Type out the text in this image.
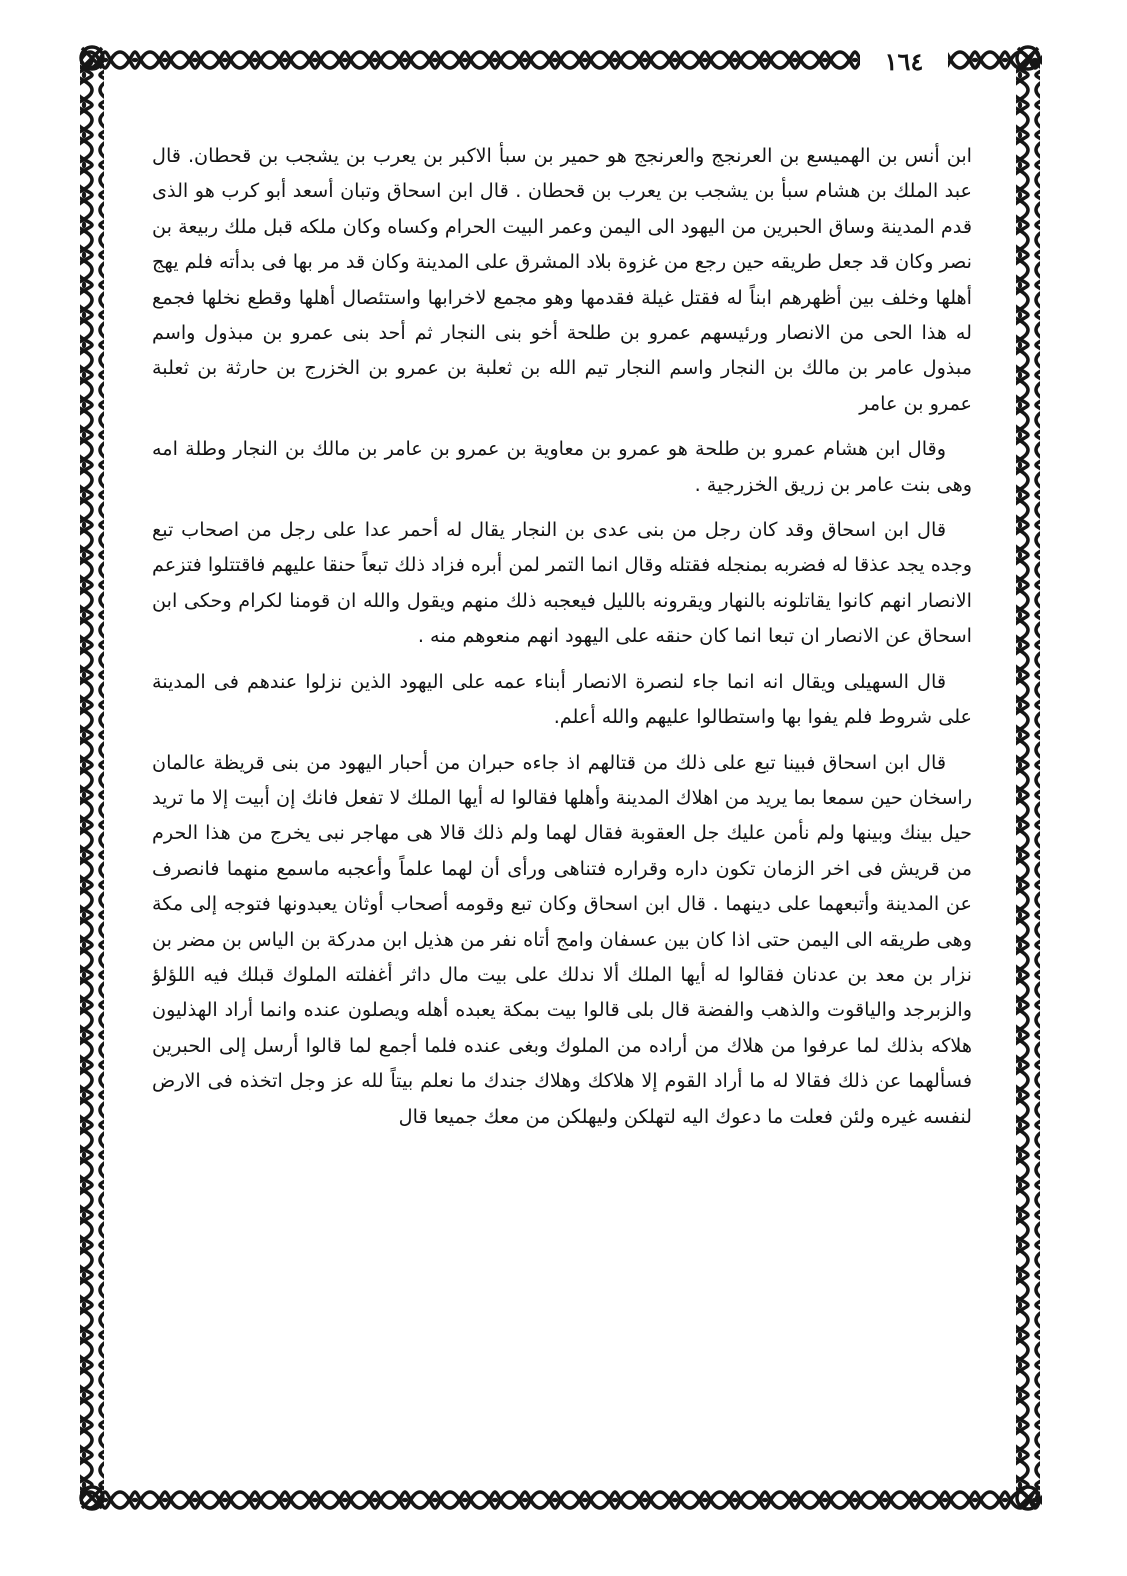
١٦٤

ابن أنس بن الهميسع بن العرنجج والعرنجج هو حمير بن سبأ الاكبر بن يعرب بن يشجب بن قحطان. قال عبد الملك بن هشام سبأ بن يشجب بن يعرب بن قحطان . قال ابن اسحاق وتبان أسعد أبو كرب هو الذى قدم المدينة وساق الحبرين من اليهود الى اليمن وعمر البيت الحرام وكساه وكان ملكه قبل ملك ربيعة بن نصر وكان قد جعل طريقه حين رجع من غزوة بلاد المشرق على المدينة وكان قد مر بها فى بدأته فلم يهج أهلها وخلف بين أظهرهم ابناً له فقتل غيلة فقدمها وهو مجمع لاخرابها واستئصال أهلها وقطع نخلها فجمع له هذا الحى من الانصار ورئيسهم عمرو بن طلحة أخو بنى النجار ثم أحد بنى عمرو بن مبذول واسم مبذول عامر بن مالك بن النجار واسم النجار تيم الله بن ثعلبة بن عمرو بن الخزرج بن حارثة بن ثعلبة عمرو بن عامر

وقال ابن هشام عمرو بن طلحة هو عمرو بن معاوية بن عمرو بن عامر بن مالك بن النجار وطلة امه وهى بنت عامر بن زريق الخزرجية .

قال ابن اسحاق وقد كان رجل من بنى عدى بن النجار يقال له أحمر عدا على رجل من اصحاب تبع وجده يجد عذقا له فضربه بمنجله فقتله وقال انما التمر لمن أبره فزاد ذلك تبعاً حنقا عليهم فاقتتلوا فتزعم الانصار انهم كانوا يقاتلونه بالنهار ويقرونه بالليل فيعجبه ذلك منهم ويقول والله ان قومنا لكرام وحكى ابن اسحاق عن الانصار ان تبعا انما كان حنقه على اليهود انهم منعوهم منه .

قال السهيلى ويقال انه انما جاء لنصرة الانصار أبناء عمه على اليهود الذين نزلوا عندهم فى المدينة على شروط فلم يفوا بها واستطالوا عليهم والله أعلم.

قال ابن اسحاق فبينا تبع على ذلك من قتالهم اذ جاءه حبران من أحبار اليهود من بنى قريظة عالمان راسخان حين سمعا بما يريد من اهلاك المدينة وأهلها فقالوا له أيها الملك لا تفعل فانك إن أبيت إلا ما تريد حيل بينك وبينها ولم نأمن عليك جل العقوبة فقال لهما ولم ذلك قالا هى مهاجر نبى يخرج من هذا الحرم من قريش فى اخر الزمان تكون داره وقراره فتناهى ورأى أن لهما علماً وأعجبه ماسمع منهما فانصرف عن المدينة وأتبعهما على دينهما . قال ابن اسحاق وكان تبع وقومه أصحاب أوثان يعبدونها فتوجه إلى مكة وهى طريقه الى اليمن حتى اذا كان بين عسفان وامج أتاه نفر من هذيل ابن مدركة بن الياس بن مضر بن نزار بن معد بن عدنان فقالوا له أيها الملك ألا ندلك على بيت مال داثر أغفلته الملوك قبلك فيه اللؤلؤ والزبرجد والياقوت والذهب والفضة قال بلى قالوا بيت بمكة يعبده أهله ويصلون عنده وانما أراد الهذليون هلاكه بذلك لما عرفوا من هلاك من أراده من الملوك وبغى عنده فلما أجمع لما قالوا أرسل إلى الحبرين فسألهما عن ذلك فقالا له ما أراد القوم إلا هلاكك وهلاك جندك ما نعلم بيتاً لله عز وجل اتخذه فى الارض لنفسه غيره ولئن فعلت ما دعوك اليه لتهلكن وليهلكن من معك جميعا قال
